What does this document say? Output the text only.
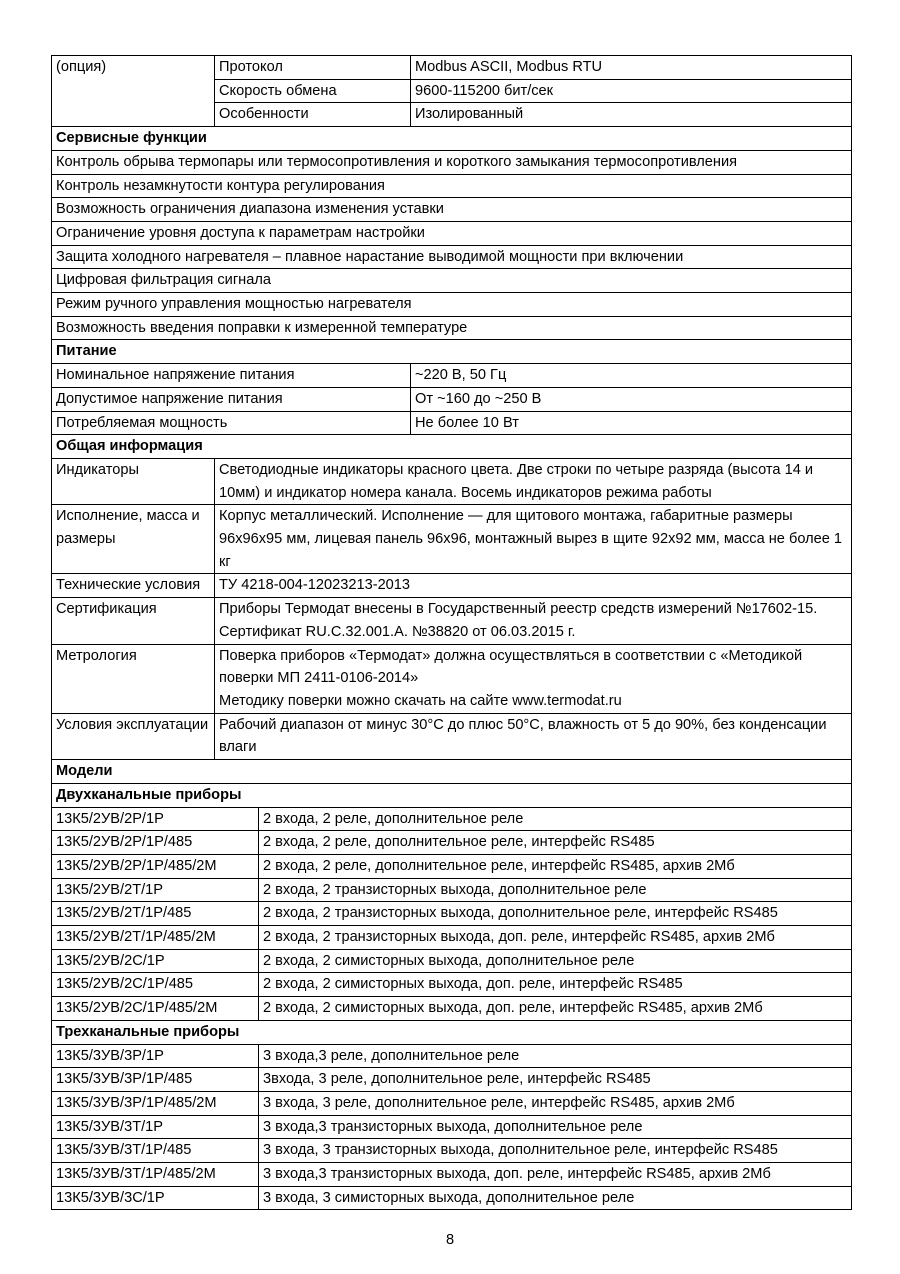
(опция)	Протокол		Modbus ASCII, Modbus RTU
	Скорость обмена		9600-115200 бит/сек
	Особенности		Изолированный
Сервисные функции			
Контроль обрыва термопары или термосопротивления и короткого замыкания термосопротивления			
Контроль незамкнутости контура регулирования			
Возможность ограничения диапазона изменения уставки			
Ограничение уровня доступа к параметрам настройки			
Защита холодного нагревателя – плавное нарастание выводимой мощности при включении			
Цифровая фильтрация сигнала			
Режим ручного управления мощностью нагревателя			
Возможность введения поправки к измеренной температуре			
Питание			
Номинальное напряжение питания			~220 В, 50 Гц
Допустимое напряжение питания			От ~160 до ~250 В
Потребляемая мощность			Не более 10 Вт
Общая информация			
Индикаторы	Светодиодные индикаторы красного цвета. Две строки по четыре разряда (высота 14 и 10мм) и индикатор номера канала. Восемь индикаторов режима работы		
Исполнение, масса и размеры	Корпус металлический. Исполнение — для щитового монтажа, габаритные размеры 96х96х95 мм, лицевая панель 96х96, монтажный вырез в щите 92х92 мм, масса не более 1 кг		
Технические условия	ТУ 4218-004-12023213-2013		
Сертификация	Приборы Термодат внесены в Государственный реестр средств измерений №17602-15. Сертификат RU.C.32.001.A. №38820 от 06.03.2015 г.		
Метрология	Поверка приборов «Термодат» должна осуществляться в соответствии с «Методикой поверки МП 2411-0106-2014»
Методику поверки можно скачать на сайте www.termodat.ru		

Условия эксплуатации	Рабочий диапазон от минус 30°С до плюс 50°С, влажность от 5 до 90%, без конденсации влаги		
Модели			
Двухканальные приборы			
13К5/2УВ/2Р/1Р		2 входа, 2 реле, дополнительное реле	
13К5/2УВ/2Р/1Р/485		2 входа, 2 реле, дополнительное реле, интерфейс RS485	
13К5/2УВ/2Р/1Р/485/2М		2 входа, 2 реле, дополнительное реле, интерфейс RS485, архив 2Мб	
13К5/2УВ/2Т/1Р		2 входа, 2 транзисторных выхода, дополнительное реле	
13К5/2УВ/2Т/1Р/485		2 входа, 2 транзисторных выхода, дополнительное реле, интерфейс RS485	
13К5/2УВ/2Т/1Р/485/2М		2 входа, 2 транзисторных выхода, доп. реле, интерфейс RS485, архив 2Мб	
13К5/2УВ/2С/1Р		2 входа, 2 симисторных выхода, дополнительное реле	
13К5/2УВ/2С/1Р/485		2 входа, 2 симисторных выхода, доп. реле, интерфейс RS485	
13К5/2УВ/2С/1Р/485/2М		2 входа, 2 симисторных выхода, доп. реле, интерфейс RS485, архив 2Мб	
Трехканальные приборы			
13К5/3УВ/3Р/1Р		3 входа,3 реле, дополнительное реле	
13К5/3УВ/3Р/1Р/485		3входа, 3 реле, дополнительное реле, интерфейс RS485	
13К5/3УВ/3Р/1Р/485/2М		3 входа, 3 реле, дополнительное реле, интерфейс RS485, архив 2Мб	
13К5/3УВ/3Т/1Р		3 входа,3 транзисторных выхода, дополнительное реле	
13К5/3УВ/3Т/1Р/485		3 входа, 3 транзисторных выхода, дополнительное реле, интерфейс RS485	
13К5/3УВ/3Т/1Р/485/2М		3 входа,3 транзисторных выхода, доп. реле, интерфейс RS485, архив 2Мб	
13К5/3УВ/3С/1Р		3 входа, 3 симисторных выхода, дополнительное реле	
8
